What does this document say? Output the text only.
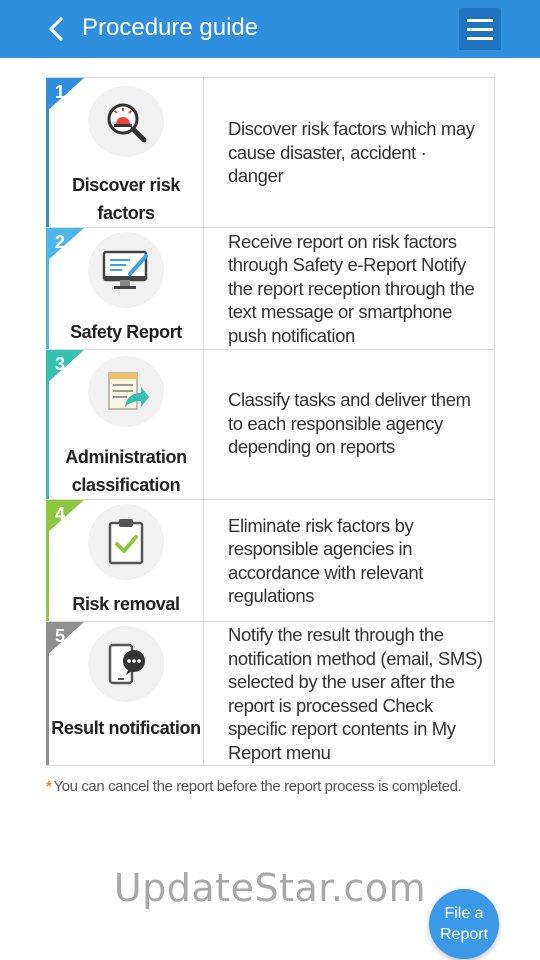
Procedure guide
1
Discover risk factors
Discover risk factors which may cause disaster, accident · danger
2
Safety Report
Receive report on risk factors through Safety e-Report Notify the report reception through the text message or smartphone push notification
3
Administration classification
Classify tasks and deliver them to each responsible agency depending on reports
4
Risk removal
Eliminate risk factors by responsible agencies in accordance with relevant regulations
5
Result notification
Notify the result through the notification method (email, SMS) selected by the user after the report is processed Check specific report contents in My Report menu
* You can cancel the report before the report process is completed.
UpdateStar.com
File a
Report
